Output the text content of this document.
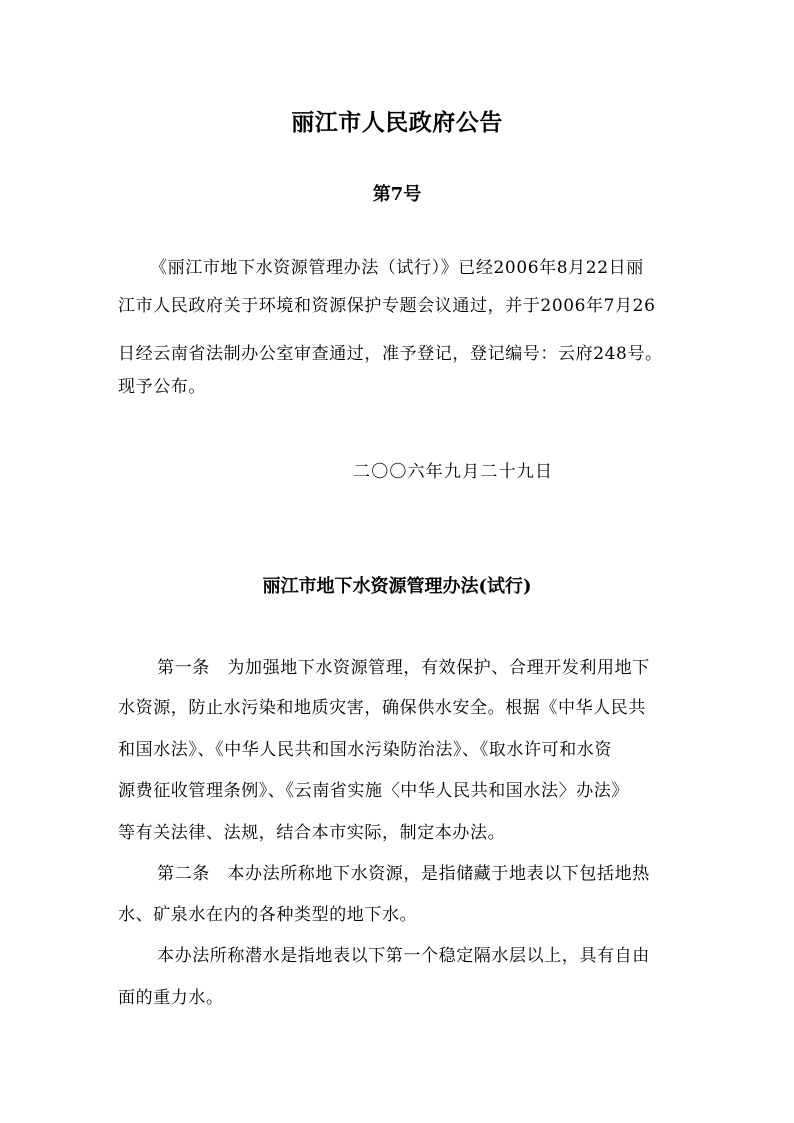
丽江市人民政府公告
第7号
《丽江市地下水资源管理办法（试行）》已经2006年8月22日丽
江市人民政府关于环境和资源保护专题会议通过，并于2006年7月26
日经云南省法制办公室审查通过，准予登记，登记编号：云府248号。
现予公布。
二〇〇六年九月二十九日
丽江市地下水资源管理办法(试行)
第一条　为加强地下水资源管理，有效保护、合理开发利用地下
水资源，防止水污染和地质灾害，确保供水安全。根据《中华人民共
和国水法》、《中华人民共和国水污染防治法》、《取水许可和水资
源费征收管理条例》、《云南省实施〈中华人民共和国水法〉办法》
等有关法律、法规，结合本市实际，制定本办法。
第二条　本办法所称地下水资源，是指储藏于地表以下包括地热
水、矿泉水在内的各种类型的地下水。
本办法所称潜水是指地表以下第一个稳定隔水层以上，具有自由
面的重力水。
